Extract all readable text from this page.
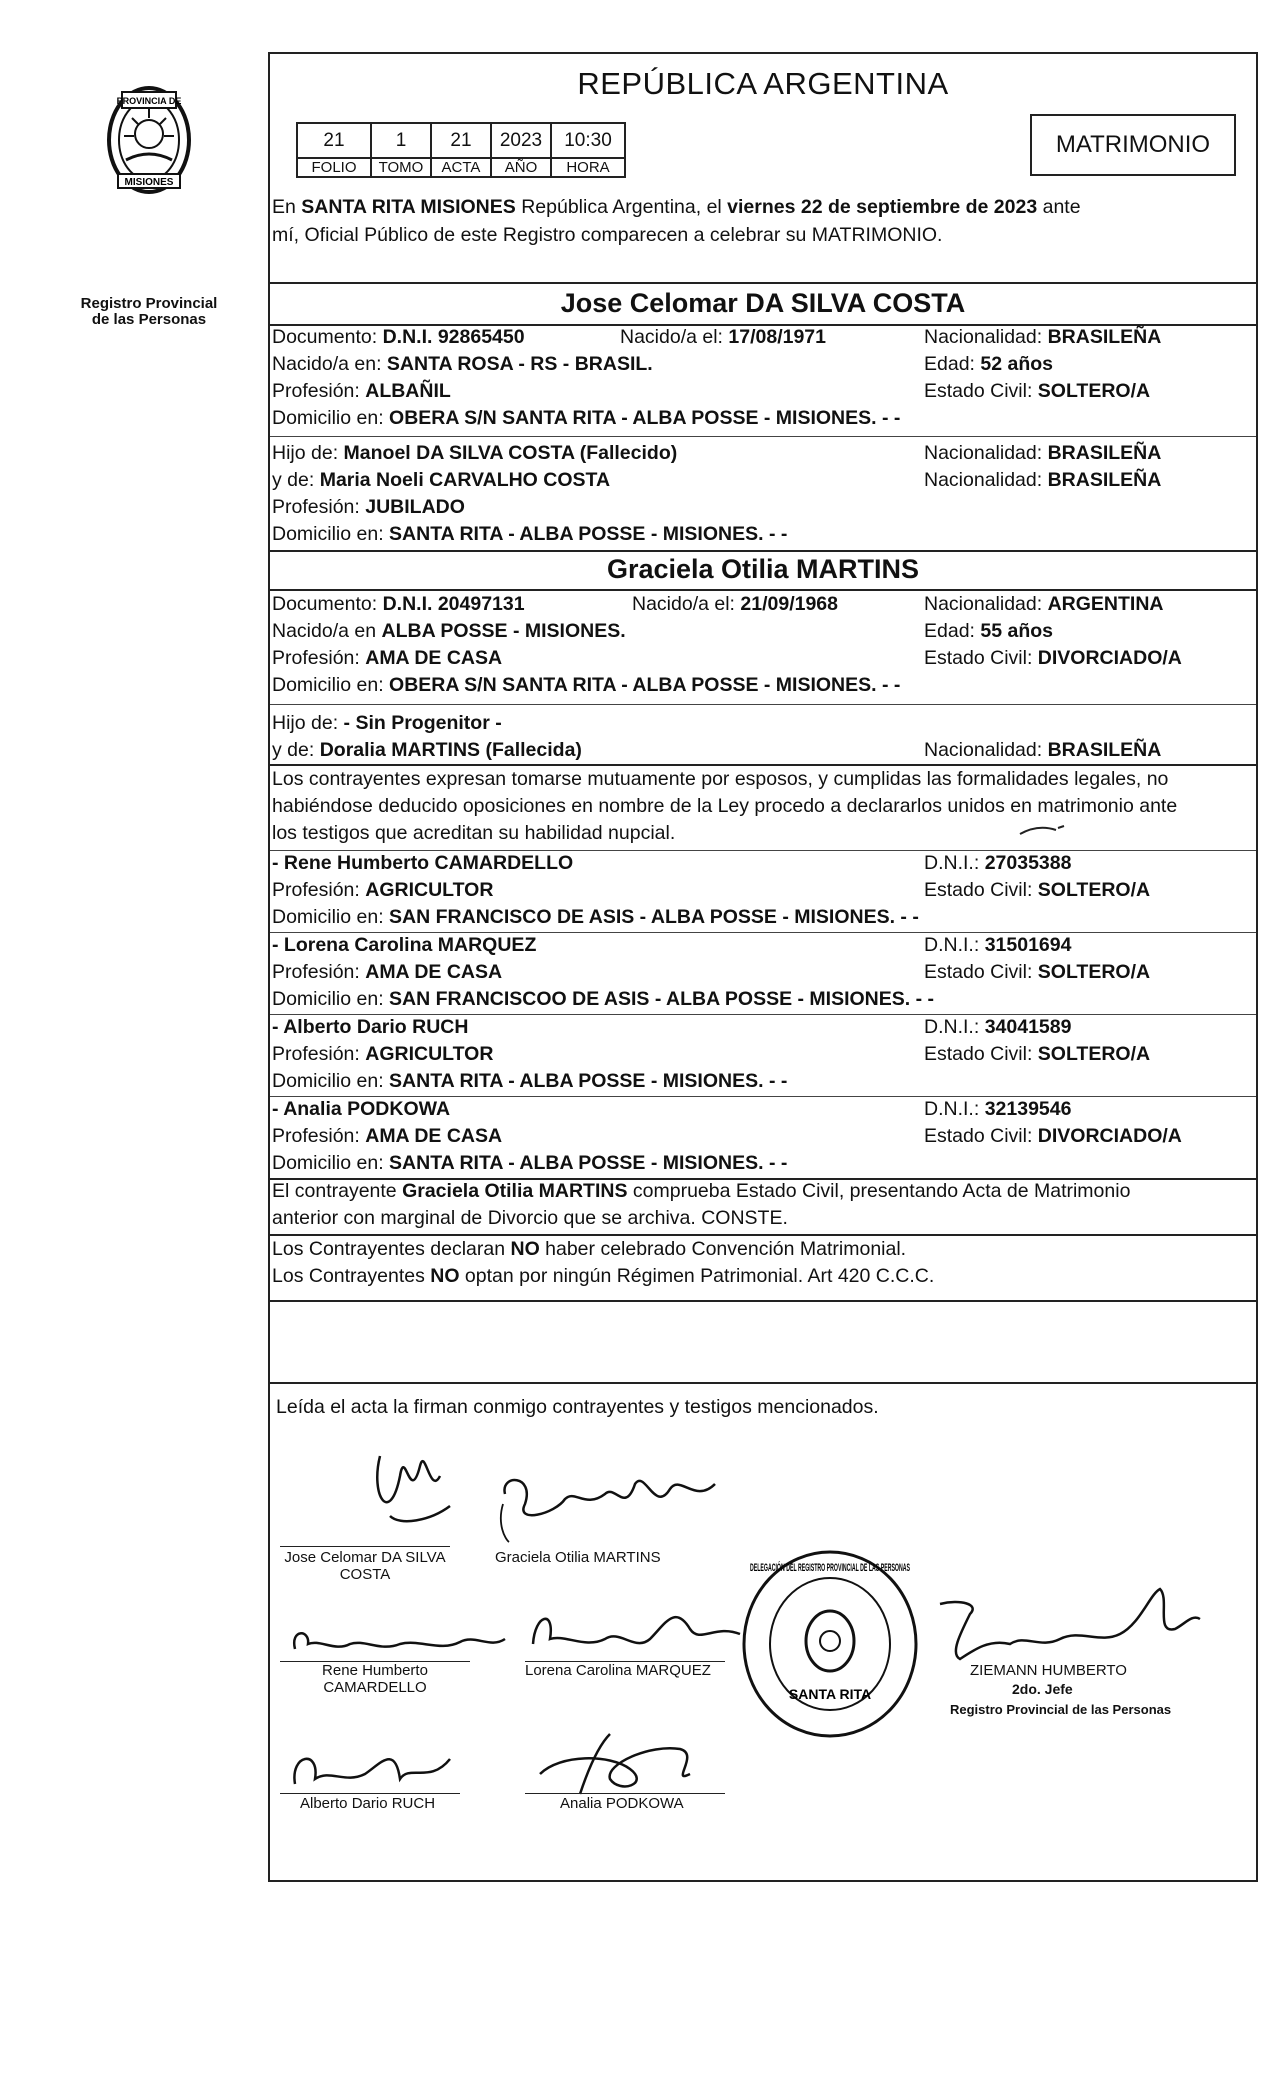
PROVINCIA DE
MISIONES
Registro Provincial
de las Personas
REPÚBLICA ARGENTINA
21	1	21	2023	10:30
FOLIO	TOMO	ACTA	AÑO	HORA
MATRIMONIO
En SANTA RITA MISIONES República Argentina, el viernes 22 de septiembre de 2023 ante
mí, Oficial Público de este Registro comparecen a celebrar su MATRIMONIO.
Jose Celomar DA SILVA COSTA
Documento: D.N.I. 92865450	Nacido/a el: 17/08/1971	Nacionalidad: BRASILEÑA
Nacido/a en: SANTA ROSA - RS - BRASIL.	Edad: 52 años
Profesión: ALBAÑIL	Estado Civil: SOLTERO/A
Domicilio en: OBERA S/N SANTA RITA - ALBA POSSE - MISIONES. - -
Hijo de: Manoel DA SILVA COSTA (Fallecido)	Nacionalidad: BRASILEÑA
y de: Maria Noeli CARVALHO COSTA	Nacionalidad: BRASILEÑA
Profesión: JUBILADO
Domicilio en: SANTA RITA - ALBA POSSE - MISIONES. - -
Graciela Otilia MARTINS
Documento: D.N.I. 20497131	Nacido/a el: 21/09/1968	Nacionalidad: ARGENTINA
Nacido/a en ALBA POSSE - MISIONES.	Edad: 55 años
Profesión: AMA DE CASA	Estado Civil: DIVORCIADO/A
Domicilio en: OBERA S/N SANTA RITA - ALBA POSSE - MISIONES. - -
Hijo de: - Sin Progenitor -
y de: Doralia MARTINS (Fallecida)	Nacionalidad: BRASILEÑA
Los contrayentes expresan tomarse mutuamente por esposos, y cumplidas las formalidades legales, no
habiéndose deducido oposiciones en nombre de la Ley procedo a declararlos unidos en matrimonio ante
los testigos que acreditan su habilidad nupcial.
- Rene Humberto CAMARDELLO	D.N.I.: 27035388
Profesión: AGRICULTOR	Estado Civil: SOLTERO/A
Domicilio en: SAN FRANCISCO DE ASIS - ALBA POSSE - MISIONES. - -
- Lorena Carolina MARQUEZ	D.N.I.: 31501694
Profesión: AMA DE CASA	Estado Civil: SOLTERO/A
Domicilio en: SAN FRANCISCOO DE ASIS - ALBA POSSE - MISIONES. - -
- Alberto Dario RUCH	D.N.I.: 34041589
Profesión: AGRICULTOR	Estado Civil: SOLTERO/A
Domicilio en: SANTA RITA - ALBA POSSE - MISIONES. - -
- Analia PODKOWA	D.N.I.: 32139546
Profesión: AMA DE CASA	Estado Civil: DIVORCIADO/A
Domicilio en: SANTA RITA - ALBA POSSE - MISIONES. - -
El contrayente Graciela Otilia MARTINS comprueba Estado Civil, presentando Acta de Matrimonio
anterior con marginal de Divorcio que se archiva. CONSTE.
Los Contrayentes declaran NO haber celebrado Convención Matrimonial.
Los Contrayentes NO optan por ningún Régimen Patrimonial. Art 420 C.C.C.
Leída el acta la firman conmigo contrayentes y testigos mencionados.
Jose Celomar DA SILVA
COSTA
Graciela Otilia MARTINS
Rene Humberto
CAMARDELLO
Lorena Carolina MARQUEZ
Alberto Dario RUCH	Analia PODKOWA
DELEGACIÓN DEL REGISTRO PROVINCIAL DE LAS PERSONAS
SANTA RITA
ZIEMANN HUMBERTO
2do. Jefe
Registro Provincial de las Personas
